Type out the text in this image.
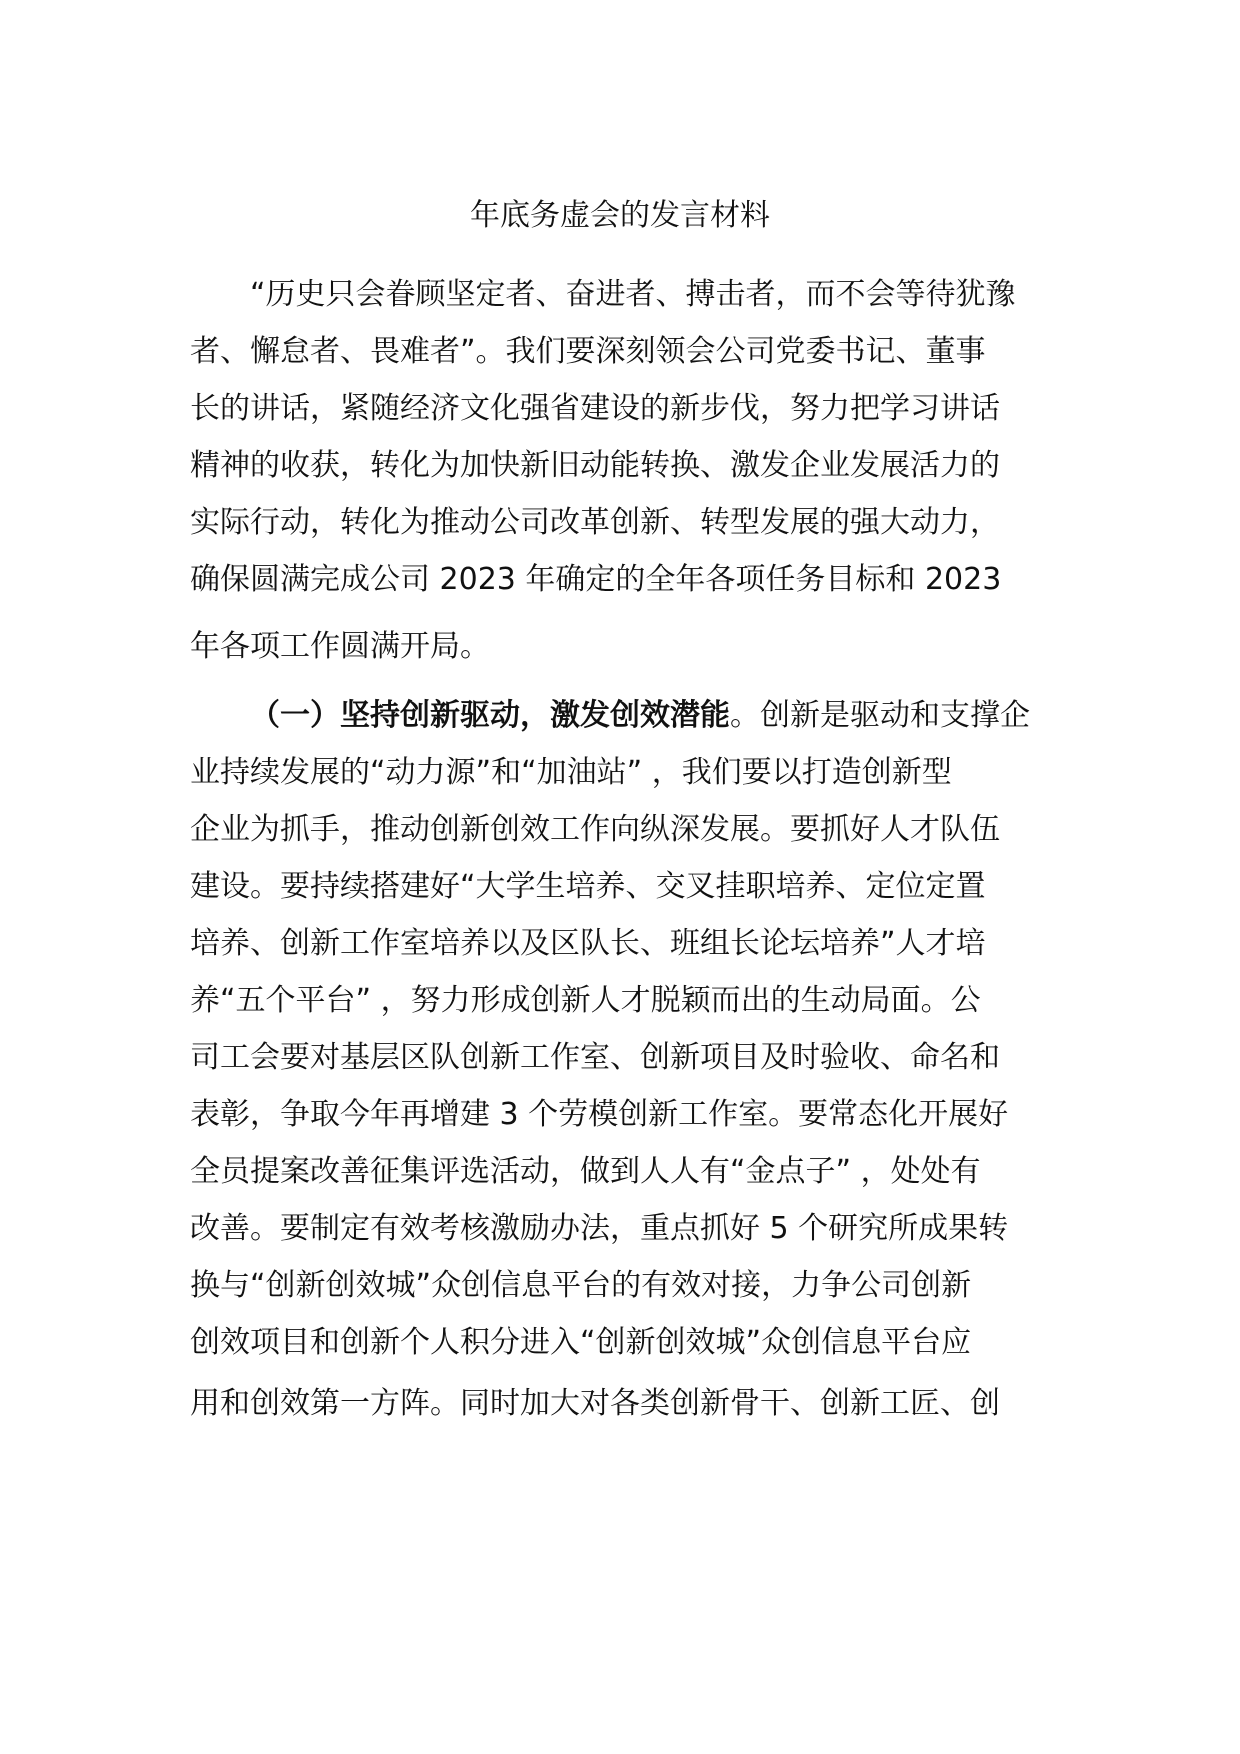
年底务虚会的发言材料
“历史只会眷顾坚定者、奋进者、搏击者，而不会等待犹豫
者、懈怠者、畏难者”。我们要深刻领会公司党委书记、董事
长的讲话，紧随经济文化强省建设的新步伐，努力把学习讲话
精神的收获，转化为加快新旧动能转换、激发企业发展活力的
实际行动，转化为推动公司改革创新、转型发展的强大动力，
确保圆满完成公司 2023 年确定的全年各项任务目标和 2023
年各项工作圆满开局。
（一）坚持创新驱动，激发创效潜能。创新是驱动和支撑企
业持续发展的“动力源”和“加油站” ，我们要以打造创新型
企业为抓手，推动创新创效工作向纵深发展。要抓好人才队伍
建设。要持续搭建好“大学生培养、交叉挂职培养、定位定置
培养、创新工作室培养以及区队长、班组长论坛培养”人才培
养“五个平台” ，努力形成创新人才脱颖而出的生动局面。公
司工会要对基层区队创新工作室、创新项目及时验收、命名和
表彰，争取今年再增建 3 个劳模创新工作室。要常态化开展好
全员提案改善征集评选活动，做到人人有“金点子” ，处处有
改善。要制定有效考核激励办法，重点抓好 5 个研究所成果转
换与“创新创效城”众创信息平台的有效对接，力争公司创新
创效项目和创新个人积分进入“创新创效城”众创信息平台应
用和创效第一方阵。同时加大对各类创新骨干、创新工匠、创
